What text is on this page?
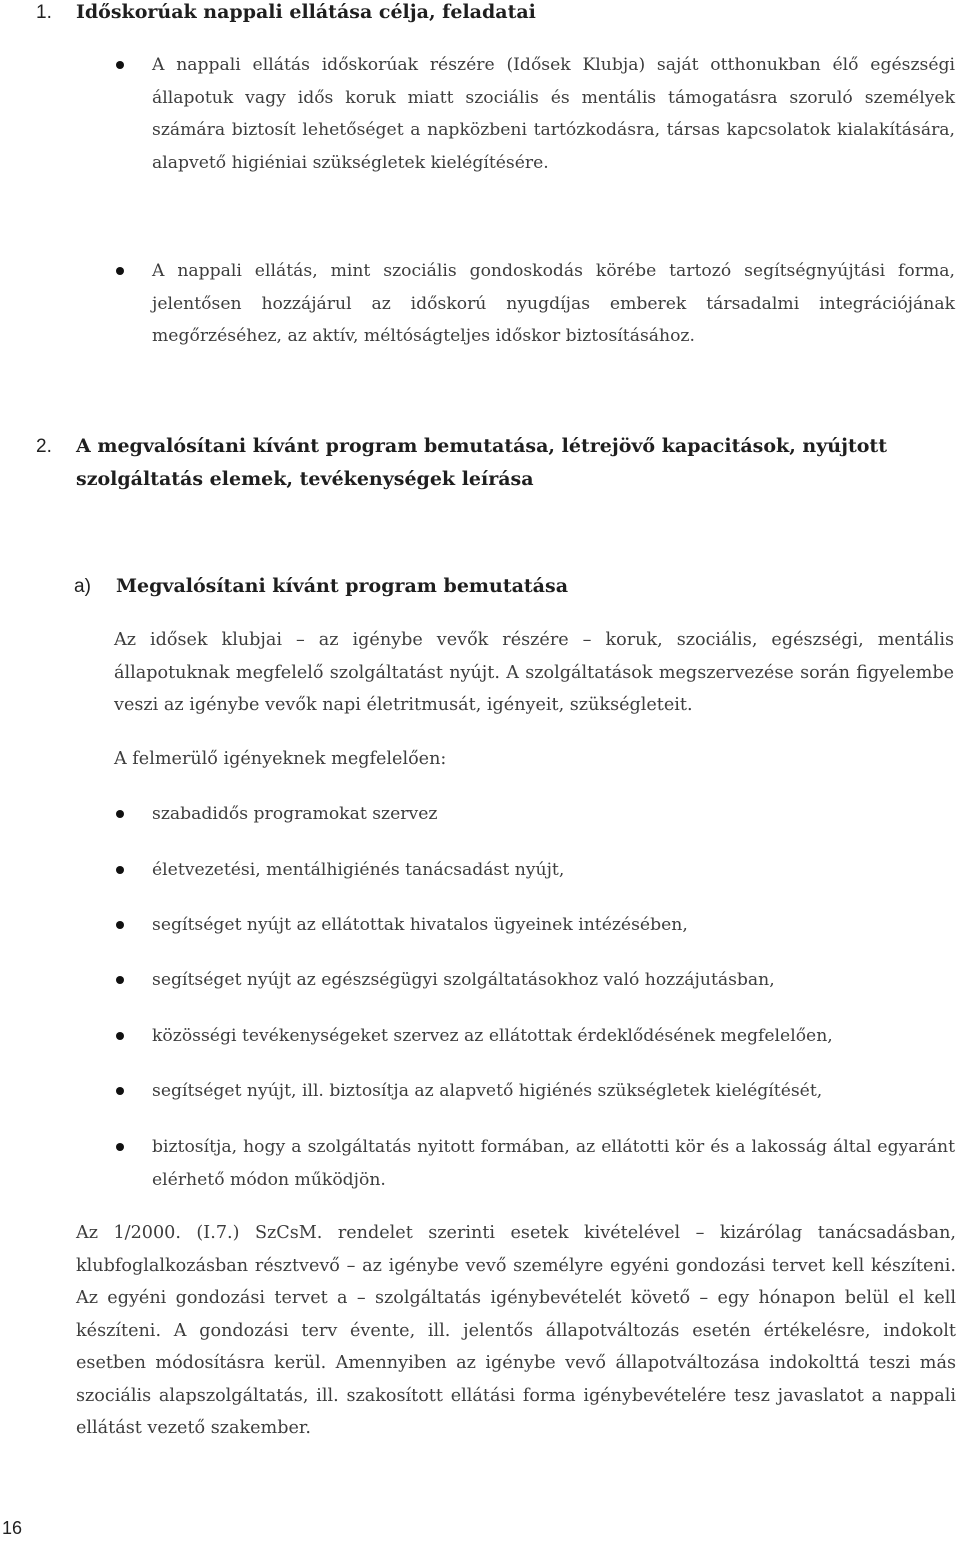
1. Időskorúak nappali ellátása célja, feladatai
A nappali ellátás időskorúak részére (Idősek Klubja) saját otthonukban élő egészségi állapotuk vagy idős koruk miatt szociális és mentális támogatásra szoruló személyek számára biztosít lehetőséget a napközbeni tartózkodásra, társas kapcsolatok kialakítására, alapvető higiéniai szükségletek kielégítésére.
A nappali ellátás, mint szociális gondoskodás körébe tartozó segítségnyújtási forma, jelentősen hozzájárul az időskorú nyugdíjas emberek társadalmi integrációjának megőrzéséhez, az aktív, méltóságteljes időskor biztosításához.
2. A megvalósítani kívánt program bemutatása, létrejövő kapacitások, nyújtott
szolgáltatás elemek, tevékenységek leírása
a) Megvalósítani kívánt program bemutatása

Az idősek klubjai – az igénybe vevők részére – koruk, szociális, egészségi, mentális állapotuknak megfelelő szolgáltatást nyújt. A szolgáltatások megszervezése során figyelembe veszi az igénybe vevők napi életritmusát, igényeit, szükségleteit.

A felmerülő igényeknek megfelelően:

szabadidős programokat szervez
életvezetési, mentálhigiénés tanácsadást nyújt,
segítséget nyújt az ellátottak hivatalos ügyeinek intézésében,
segítséget nyújt az egészségügyi szolgáltatásokhoz való hozzájutásban,
közösségi tevékenységeket szervez az ellátottak érdeklődésének megfelelően,
segítséget nyújt, ill. biztosítja az alapvető higiénés szükségletek kielégítését,
biztosítja, hogy a szolgáltatás nyitott formában, az ellátotti kör és a lakosság által egyaránt elérhető módon működjön.

Az 1/2000. (I.7.) SzCsM. rendelet szerinti esetek kivételével – kizárólag tanácsadásban, klubfoglalkozásban résztvevő – az igénybe vevő személyre egyéni gondozási tervet kell készíteni. Az egyéni gondozási tervet a – szolgáltatás igénybevételét követő – egy hónapon belül el kell készíteni. A gondozási terv évente, ill. jelentős állapotváltozás esetén értékelésre, indokolt esetben módosításra kerül. Amennyiben az igénybe vevő állapotváltozása indokolttá teszi más szociális alapszolgáltatás, ill. szakosított ellátási forma igénybevételére tesz javaslatot a nappali ellátást vezető szakember.

16
